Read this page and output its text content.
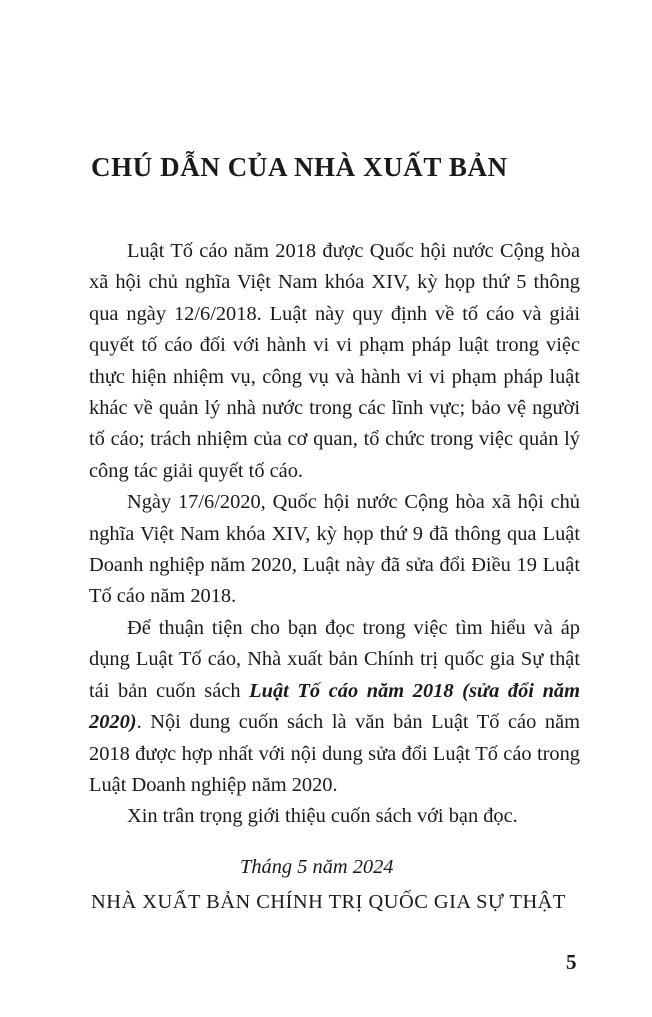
CHÚ DẪN CỦA NHÀ XUẤT BẢN

Luật Tố cáo năm 2018 được Quốc hội nước Cộng hòa xã hội chủ nghĩa Việt Nam khóa XIV, kỳ họp thứ 5 thông qua ngày 12/6/2018. Luật này quy định về tố cáo và giải quyết tố cáo đối với hành vi vi phạm pháp luật trong việc thực hiện nhiệm vụ, công vụ và hành vi vi phạm pháp luật khác về quản lý nhà nước trong các lĩnh vực; bảo vệ người tố cáo; trách nhiệm của cơ quan, tổ chức trong việc quản lý công tác giải quyết tố cáo.

Ngày 17/6/2020, Quốc hội nước Cộng hòa xã hội chủ nghĩa Việt Nam khóa XIV, kỳ họp thứ 9 đã thông qua Luật Doanh nghiệp năm 2020, Luật này đã sửa đổi Điều 19 Luật Tố cáo năm 2018.

Để thuận tiện cho bạn đọc trong việc tìm hiểu và áp dụng Luật Tố cáo, Nhà xuất bản Chính trị quốc gia Sự thật tái bản cuốn sách Luật Tố cáo năm 2018 (sửa đổi năm 2020). Nội dung cuốn sách là văn bản Luật Tố cáo năm 2018 được hợp nhất với nội dung sửa đổi Luật Tố cáo trong Luật Doanh nghiệp năm 2020.

Xin trân trọng giới thiệu cuốn sách với bạn đọc.

Tháng 5 năm 2024
NHÀ XUẤT BẢN CHÍNH TRỊ QUỐC GIA SỰ THẬT
5
